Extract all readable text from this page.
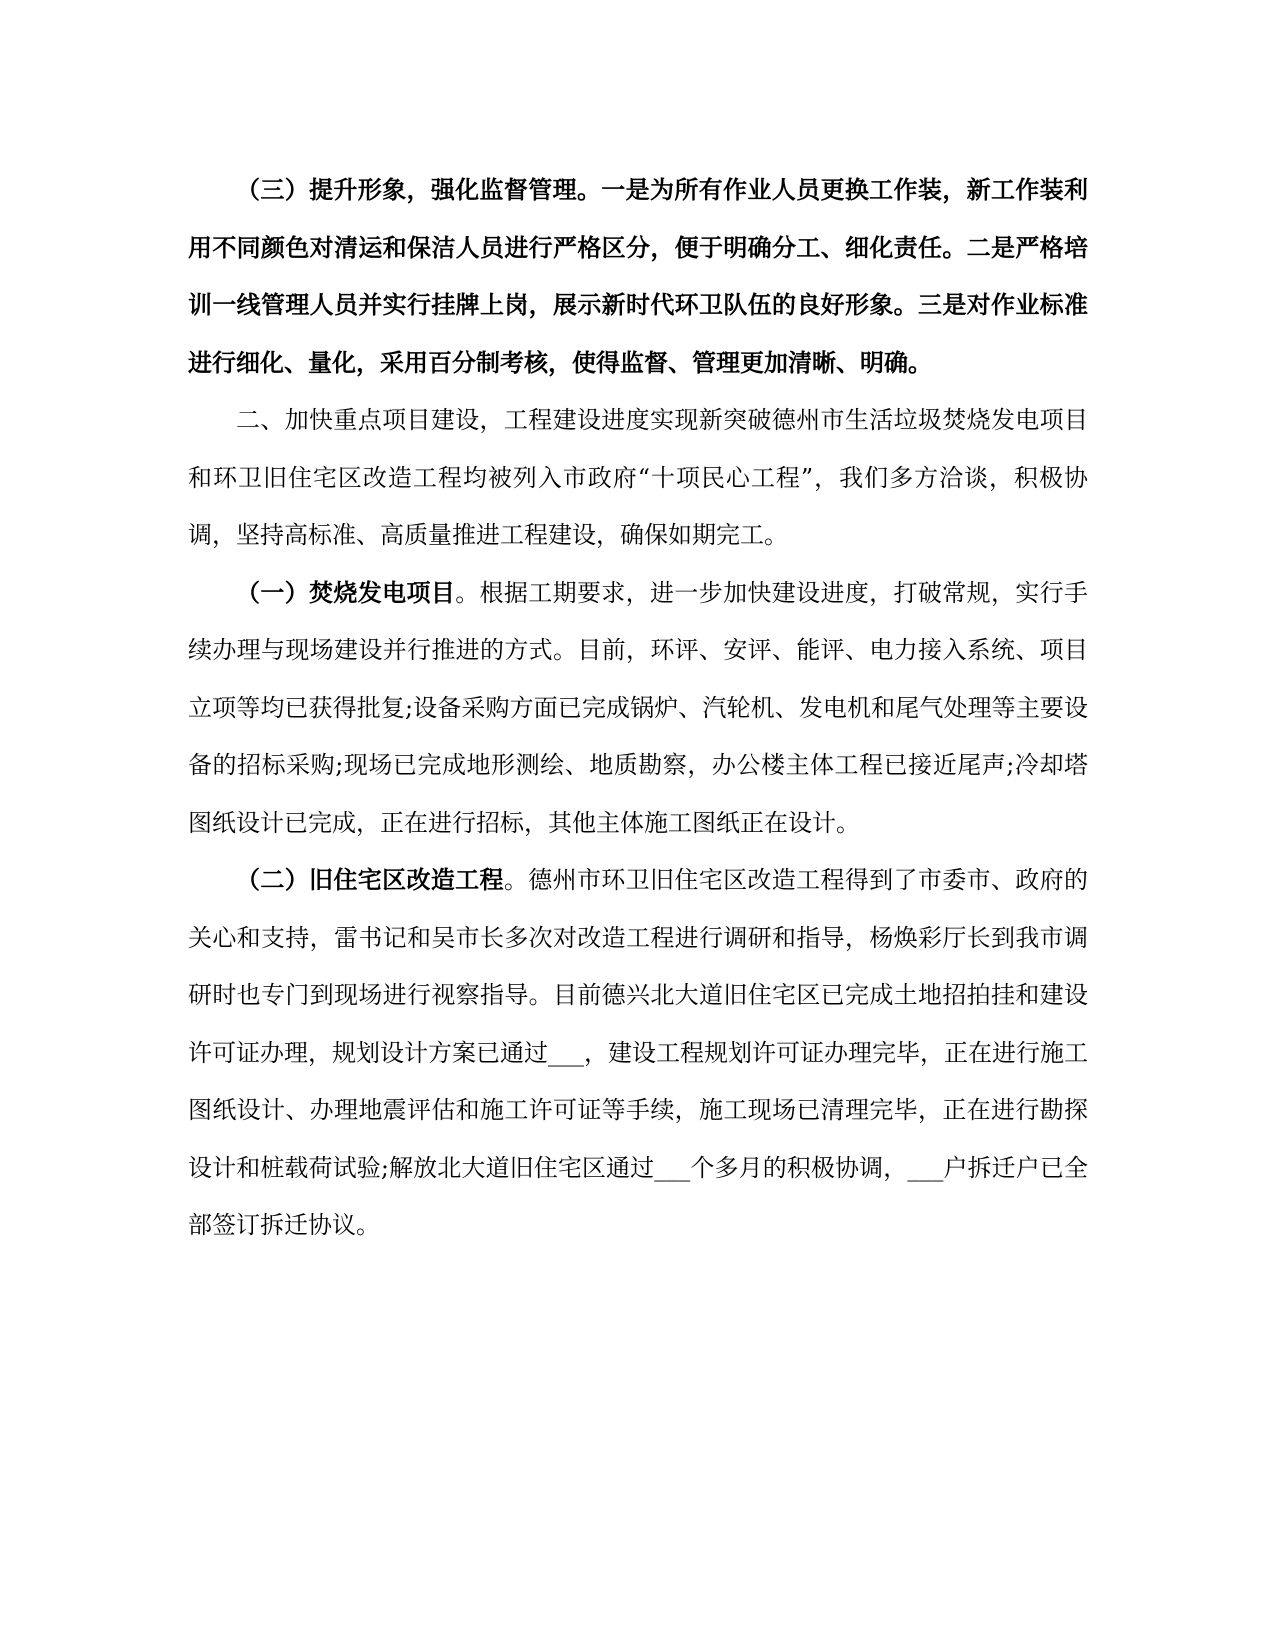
（三）提升形象，强化监督管理。一是为所有作业人员更换工作装，新工作装利用不同颜色对清运和保洁人员进行严格区分，便于明确分工、细化责任。二是严格培训一线管理人员并实行挂牌上岗，展示新时代环卫队伍的良好形象。三是对作业标准进行细化、量化，采用百分制考核，使得监督、管理更加清晰、明确。

二、加快重点项目建设，工程建设进度实现新突破德州市生活垃圾焚烧发电项目和环卫旧住宅区改造工程均被列入市政府“十项民心工程”，我们多方洽谈，积极协调，坚持高标准、高质量推进工程建设，确保如期完工。

（一）焚烧发电项目。根据工期要求，进一步加快建设进度，打破常规，实行手续办理与现场建设并行推进的方式。目前，环评、安评、能评、电力接入系统、项目立项等均已获得批复;设备采购方面已完成锅炉、汽轮机、发电机和尾气处理等主要设备的招标采购;现场已完成地形测绘、地质勘察，办公楼主体工程已接近尾声;冷却塔图纸设计已完成，正在进行招标，其他主体施工图纸正在设计。

（二）旧住宅区改造工程。德州市环卫旧住宅区改造工程得到了市委市、政府的关心和支持，雷书记和吴市长多次对改造工程进行调研和指导，杨焕彩厅长到我市调研时也专门到现场进行视察指导。目前德兴北大道旧住宅区已完成土地招拍挂和建设许可证办理，规划设计方案已通过___，建设工程规划许可证办理完毕，正在进行施工图纸设计、办理地震评估和施工许可证等手续，施工现场已清理完毕，正在进行勘探设计和桩载荷试验;解放北大道旧住宅区通过___个多月的积极协调，___户拆迁户已全部签订拆迁协议。
